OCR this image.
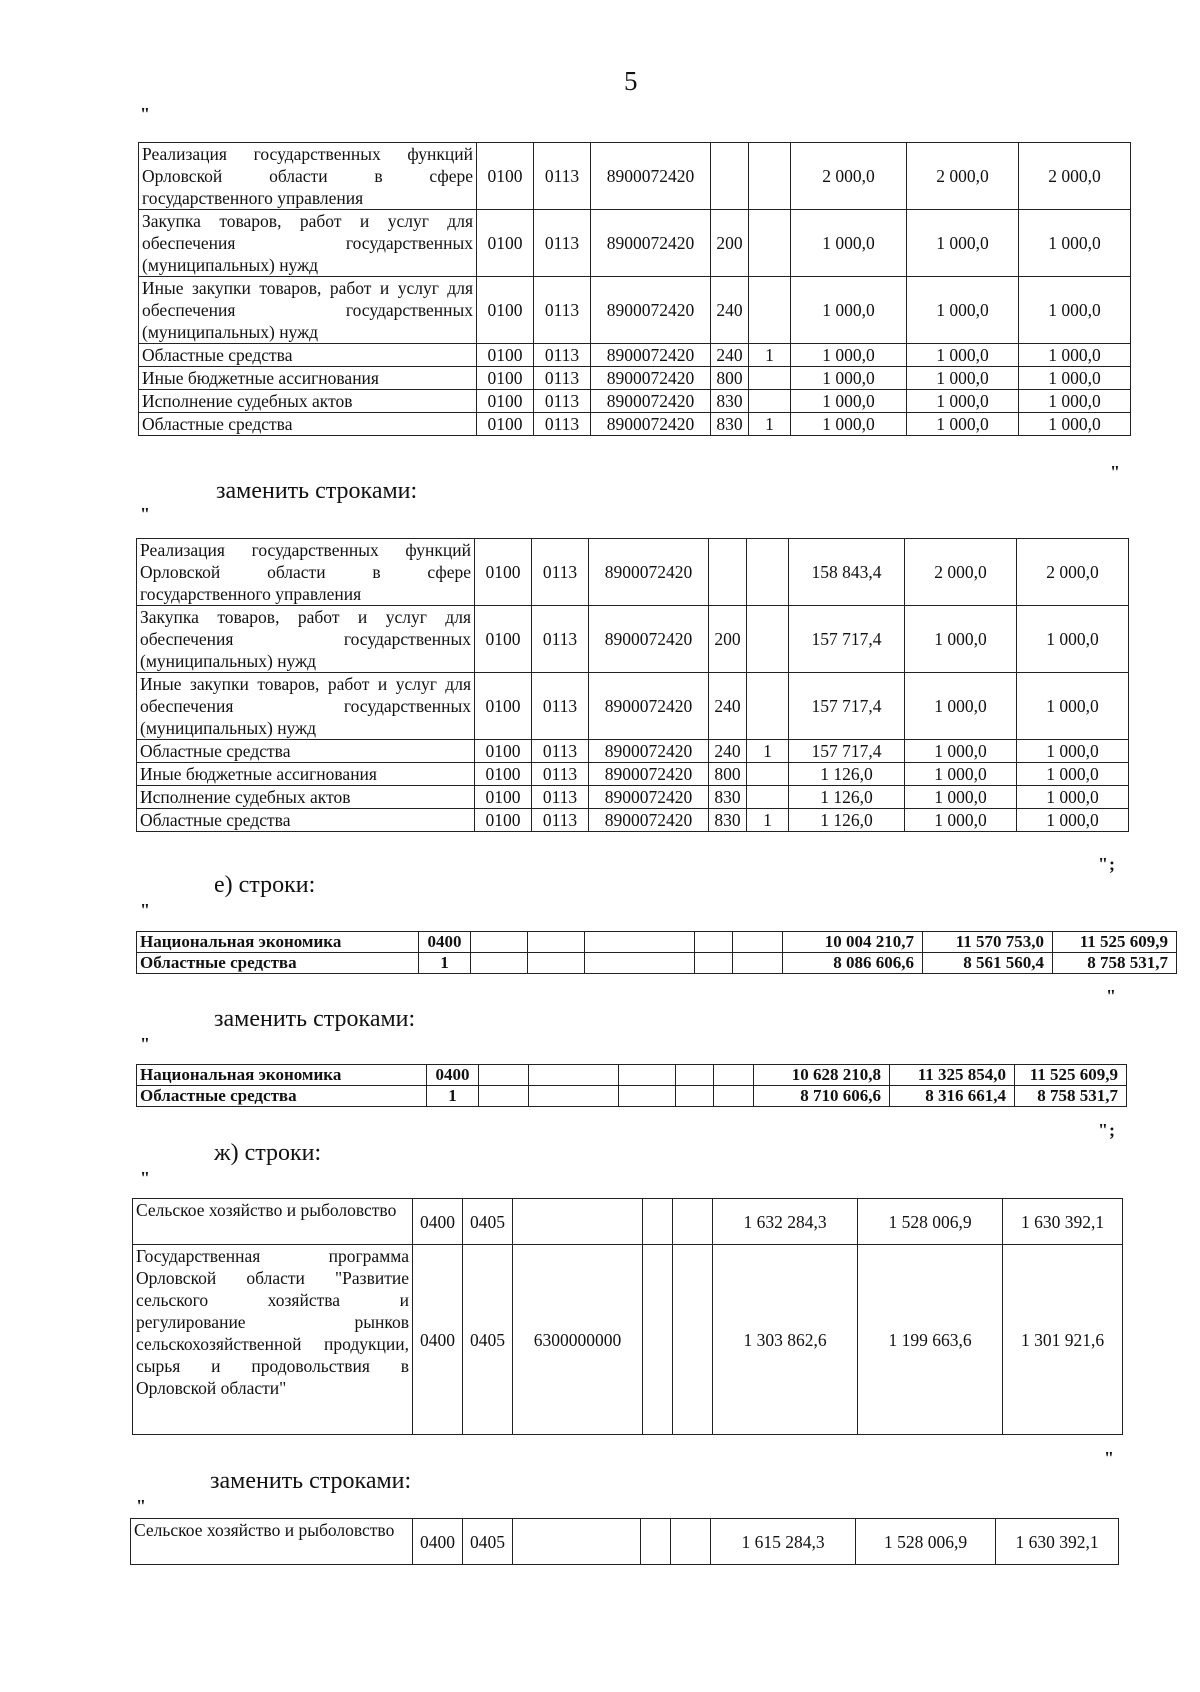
5
"
Реализация государственных функций Орловской области в сфере государственного управления	0100	0113	8900072420			2 000,0	2 000,0	2 000,0
Закупка товаров, работ и услуг для обеспечения государственных (муниципальных) нужд	0100	0113	8900072420	200		1 000,0	1 000,0	1 000,0
Иные закупки товаров, работ и услуг для обеспечения государственных (муниципальных) нужд	0100	0113	8900072420	240		1 000,0	1 000,0	1 000,0
Областные средства	0100	0113	8900072420	240	1	1 000,0	1 000,0	1 000,0
Иные бюджетные ассигнования	0100	0113	8900072420	800		1 000,0	1 000,0	1 000,0
Исполнение судебных актов	0100	0113	8900072420	830		1 000,0	1 000,0	1 000,0
Областные средства	0100	0113	8900072420	830	1	1 000,0	1 000,0	1 000,0
"
заменить строками:
"
Реализация государственных функций Орловской области в сфере государственного управления	0100	0113	8900072420			158 843,4	2 000,0	2 000,0
Закупка товаров, работ и услуг для обеспечения государственных (муниципальных) нужд	0100	0113	8900072420	200		157 717,4	1 000,0	1 000,0
Иные закупки товаров, работ и услуг для обеспечения государственных (муниципальных) нужд	0100	0113	8900072420	240		157 717,4	1 000,0	1 000,0
Областные средства	0100	0113	8900072420	240	1	157 717,4	1 000,0	1 000,0
Иные бюджетные ассигнования	0100	0113	8900072420	800		1 126,0	1 000,0	1 000,0
Исполнение судебных актов	0100	0113	8900072420	830		1 126,0	1 000,0	1 000,0
Областные средства	0100	0113	8900072420	830	1	1 126,0	1 000,0	1 000,0
";
е) строки:
"
Национальная экономика	0400						10 004 210,7	11 570 753,0	11 525 609,9
Областные средства	1						8 086 606,6	8 561 560,4	8 758 531,7
"
заменить строками:
"
Национальная экономика	0400						10 628 210,8	11 325 854,0	11 525 609,9
Областные средства	1						8 710 606,6	8 316 661,4	8 758 531,7
";
ж) строки:
"
Сельское хозяйство и рыболовство	0400	0405				1 632 284,3	1 528 006,9	1 630 392,1
Государственная программа Орловской области "Развитие сельского хозяйства и регулирование рынков сельскохозяйственной продукции, сырья и продовольствия в Орловской области"	0400	0405	6300000000			1 303 862,6	1 199 663,6	1 301 921,6
"
заменить строками:
"
Сельское хозяйство и рыболовство	0400	0405				1 615 284,3	1 528 006,9	1 630 392,1
